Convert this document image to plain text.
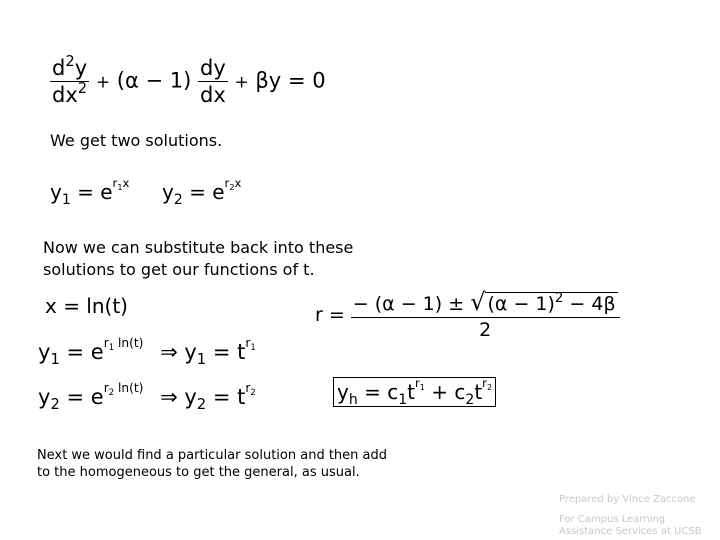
$\frac{d^2y}{dx^2} + (\alpha - 1) \frac{dy}{dx} + \beta y = 0$
We get two solutions.
$y_1 = e^{r_1x}$ $y_2 = e^{r_2x}$
Now we can substitute back into these
solutions to get our functions of t.
x = ln(t)	$r = \frac{- (\alpha - 1) \pm √ (\alpha - 1)^2 - 4\beta}{2}$
$y_1 = e^{r_1 ln(t)}$ ⇒ $y_1 = t^{r_1}$
$y_2 = e^{r_2 ln(t)}$ ⇒ $y_2 = t^{r_2}$	$y_h = c_1t^{r_1} + c_2t^{r_2}$
Next we would find a particular solution and then add
to the homogeneous to get the general, as usual.
Prepared by Vince Zaccone
For Campus Learning
Assistance Services at UCSB
